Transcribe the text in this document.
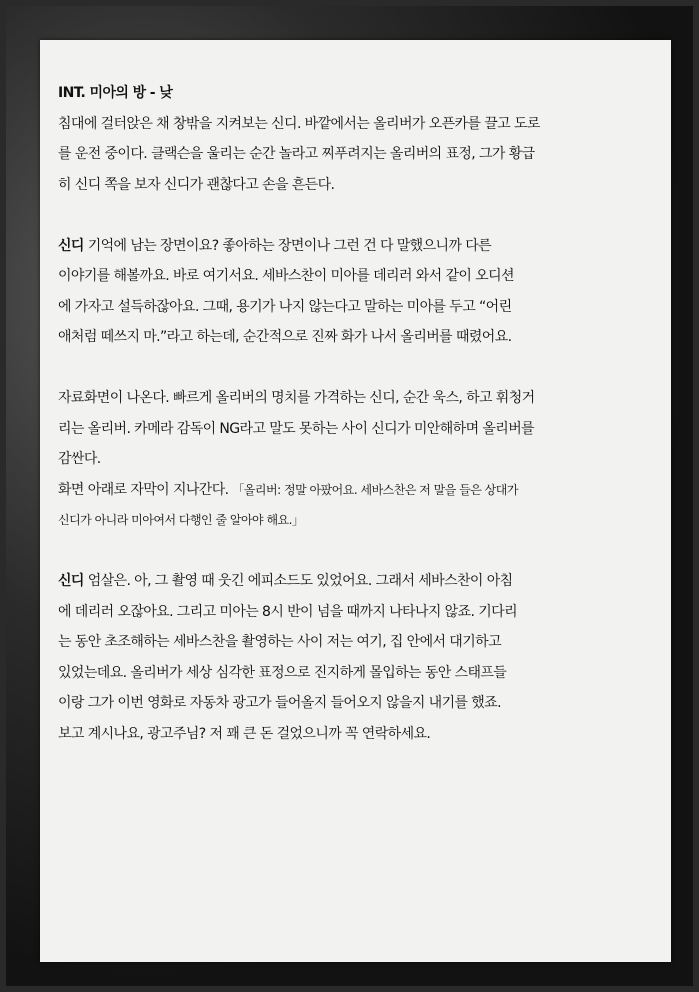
INT. 미아의 방 - 낮
침대에 걸터앉은 채 창밖을 지켜보는 신디. 바깥에서는 올리버가 오픈카를 끌고 도로
를 운전 중이다. 클랙슨을 울리는 순간 놀라고 찌푸려지는 올리버의 표정, 그가 황급
히 신디 쪽을 보자 신디가 괜찮다고 손을 흔든다.
신디 기억에 남는 장면이요? 좋아하는 장면이나 그런 건 다 말했으니까 다른
이야기를 해볼까요. 바로 여기서요. 세바스찬이 미아를 데리러 와서 같이 오디션
에 가자고 설득하잖아요. 그때, 용기가 나지 않는다고 말하는 미아를 두고 “어린
애처럼 떼쓰지 마.”라고 하는데, 순간적으로 진짜 화가 나서 올리버를 때렸어요.
자료화면이 나온다. 빠르게 올리버의 명치를 가격하는 신디, 순간 욱스, 하고 휘청거
리는 올리버. 카메라 감독이 NG라고 말도 못하는 사이 신디가 미안해하며 올리버를
감싼다.
화면 아래로 자막이 지나간다. 「올리버: 정말 아팠어요. 세바스찬은 저 말을 들은 상대가
신디가 아니라 미아여서 다행인 줄 알아야 해요.」
신디 엄살은. 아, 그 촬영 때 웃긴 에피소드도 있었어요. 그래서 세바스찬이 아침
에 데리러 오잖아요. 그리고 미아는 8시 반이 넘을 때까지 나타나지 않죠. 기다리
는 동안 초조해하는 세바스찬을 촬영하는 사이 저는 여기, 집 안에서 대기하고
있었는데요. 올리버가 세상 심각한 표정으로 진지하게 몰입하는 동안 스태프들
이랑 그가 이번 영화로 자동차 광고가 들어올지 들어오지 않을지 내기를 했죠.
보고 계시나요, 광고주님? 저 꽤 큰 돈 걸었으니까 꼭 연락하세요.
